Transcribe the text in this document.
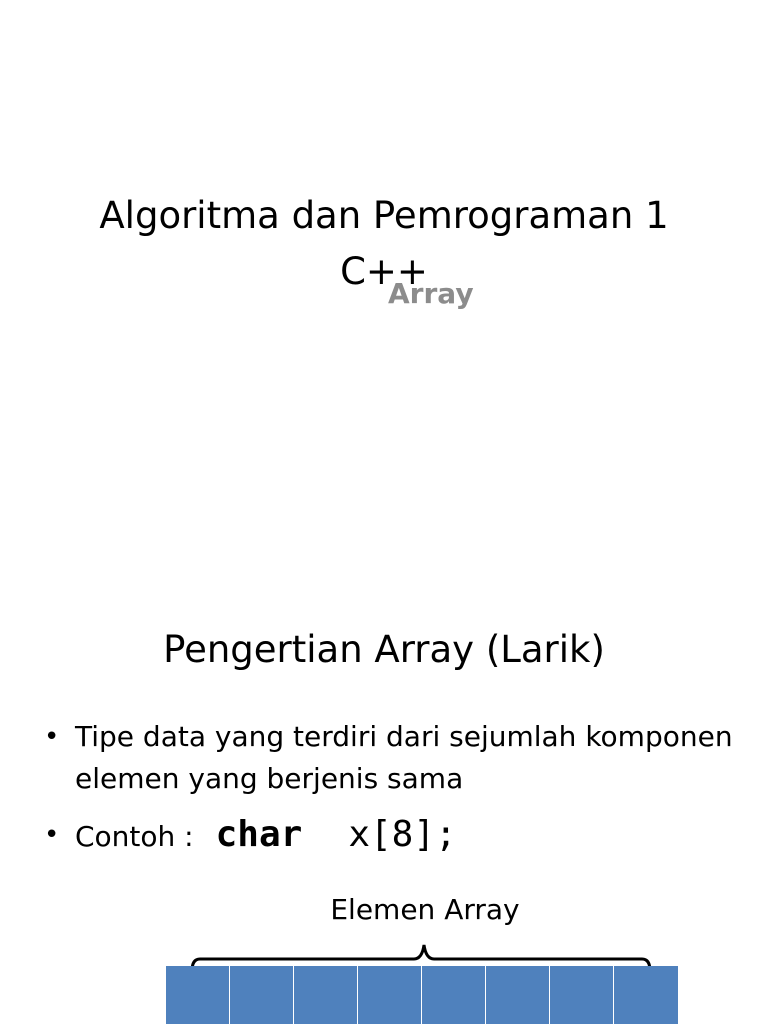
Algoritma dan Pemrograman 1
C++
Array
Pengertian Array (Larik)
• Tipe data yang terdiri dari sejumlah komponen elemen yang berjenis sama
• Contoh : char x[8];
Elemen Array
